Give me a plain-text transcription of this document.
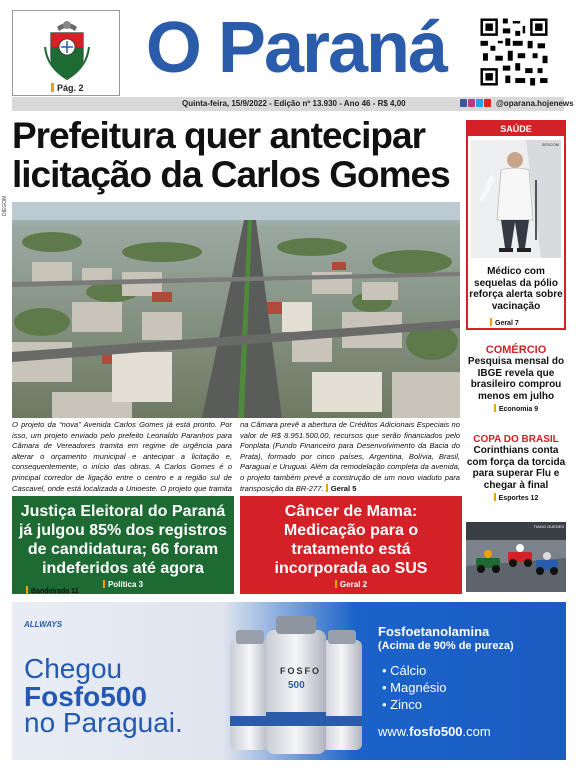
Pág. 2 O Paraná
Quinta-feira, 15/9/2022 - Edição nº 13.930 - Ano 46 - R$ 4,00	@oparana.hojenews
Prefeitura quer antecipar licitação da Carlos Gomes
DIEGOM
O projeto da “nova” Avenida Carlos Gomes já está pronto. Por isso, um projeto enviado pelo prefeito Leonaldo Paranhos para Câmara de Vereadores tramita em regime de urgência para alterar o orçamento municipal e antecipar a licitação e, consequentemente, o início das obras. A Carlos Gomes é o principal corredor de ligação entre o centro e a região sul de Cascavel, onde está localizada a Unioeste. O projeto que tramita na Câmara prevê a abertura de Créditos Adicionais Especiais no valor de R$ 8.951.500,00, recursos que serão financiados pelo Fonplata (Fundo Financeiro para Desenvolvimento da Bacia do Prata), formado por cinco países, Argentina, Bolívia, Brasil, Paraguai e Uruguai. Além da remodelação completa da avenida, o projeto também prevê a construção de um novo viaduto para transposição da BR-277. Geral 5
Justiça Eleitoral do Paraná já julgou 85% dos registros de candidatura; 66 foram indeferidos até agora
Política 3
Câncer de Mama: Medicação para o tratamento está incorporada ao SUS
Geral 2
SAÚDE
SESCOM
Médico com sequelas da pólio reforça alerta sobre vacinação
Geral 7
COMÉRCIO
Pesquisa mensal do IBGE revela que brasileiro comprou menos em julho
Economia 9
COPA DO BRASIL
Corinthians conta com força da torcida para superar Flu e chegar à final
Esportes 12
TIAGO GUEDES
Bandeirada 11
ALLWAYS
Chegou
Fosfo500
no Paraguai.
FOSFO
500
Fosfoetanolamina
(Acima de 90% de pureza)
• Cálcio
• Magnésio
• Zinco
www.fosfo500.com
